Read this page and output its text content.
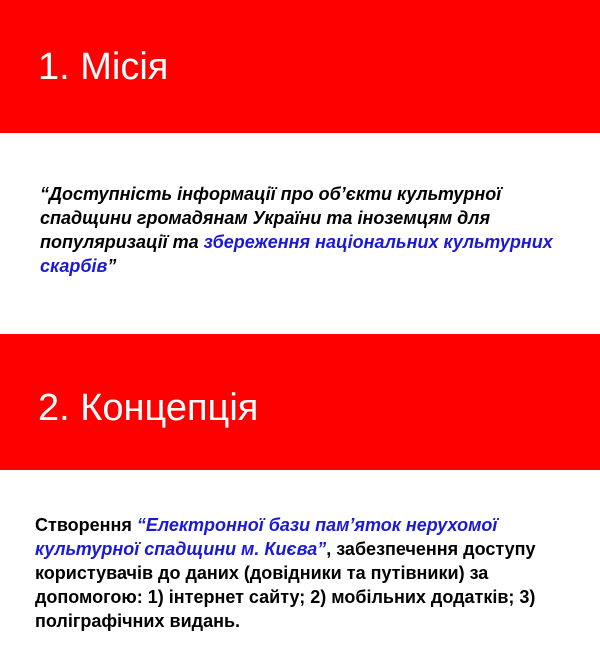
1. Місія
“Доступність інформації про об’єкти культурної спадщини громадянам України та іноземцям для популяризації та збереження національних культурних скарбів”
2. Концепція
Створення “Електронної бази пам’яток нерухомої культурної спадщини м. Києва”, забезпечення доступу користувачів до даних (довідники та путівники) за допомогою: 1) інтернет сайту; 2) мобільних додатків; 3) поліграфічних видань.
